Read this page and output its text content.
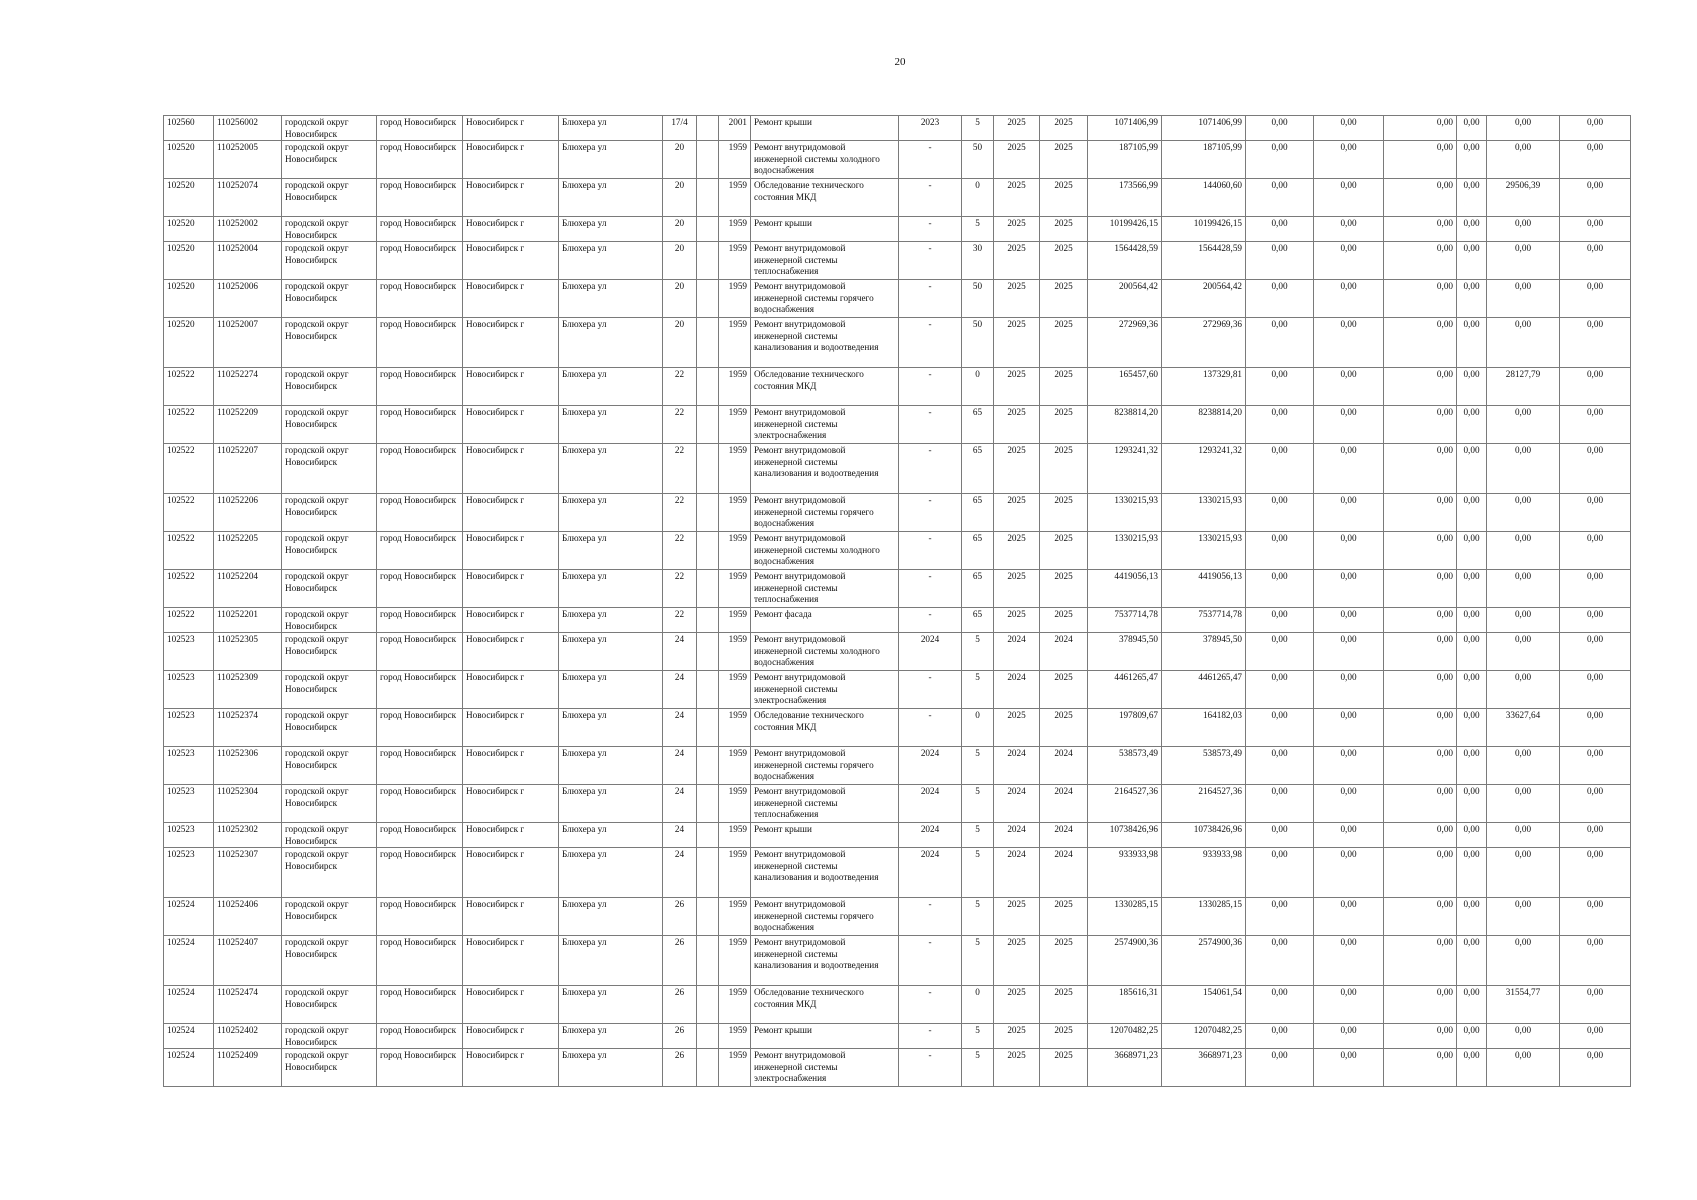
20
102560	110256002	городской округ Новосибирск	город Новосибирск	Новосибирск г	Блюхера ул	17/4		2001	Ремонт крыши	2023	5	2025	2025	1071406,99	1071406,99	0,00	0,00	0,00	0,00	0,00	0,00
102520	110252005	городской округ Новосибирск	город Новосибирск	Новосибирск г	Блюхера ул	20		1959	Ремонт внутридомовой инженерной системы холодного водоснабжения	-	50	2025	2025	187105,99	187105,99	0,00	0,00	0,00	0,00	0,00	0,00
102520	110252074	городской округ Новосибирск	город Новосибирск	Новосибирск г	Блюхера ул	20		1959	Обследование технического состояния МКД	-	0	2025	2025	173566,99	144060,60	0,00	0,00	0,00	0,00	29506,39	0,00
102520	110252002	городской округ Новосибирск	город Новосибирск	Новосибирск г	Блюхера ул	20		1959	Ремонт крыши	-	5	2025	2025	10199426,15	10199426,15	0,00	0,00	0,00	0,00	0,00	0,00
102520	110252004	городской округ Новосибирск	город Новосибирск	Новосибирск г	Блюхера ул	20		1959	Ремонт внутридомовой инженерной системы теплоснабжения	-	30	2025	2025	1564428,59	1564428,59	0,00	0,00	0,00	0,00	0,00	0,00
102520	110252006	городской округ Новосибирск	город Новосибирск	Новосибирск г	Блюхера ул	20		1959	Ремонт внутридомовой инженерной системы горячего водоснабжения	-	50	2025	2025	200564,42	200564,42	0,00	0,00	0,00	0,00	0,00	0,00
102520	110252007	городской округ Новосибирск	город Новосибирск	Новосибирск г	Блюхера ул	20		1959	Ремонт внутридомовой инженерной системы канализования и водоотведения	-	50	2025	2025	272969,36	272969,36	0,00	0,00	0,00	0,00	0,00	0,00
102522	110252274	городской округ Новосибирск	город Новосибирск	Новосибирск г	Блюхера ул	22		1959	Обследование технического состояния МКД	-	0	2025	2025	165457,60	137329,81	0,00	0,00	0,00	0,00	28127,79	0,00
102522	110252209	городской округ Новосибирск	город Новосибирск	Новосибирск г	Блюхера ул	22		1959	Ремонт внутридомовой инженерной системы электроснабжения	-	65	2025	2025	8238814,20	8238814,20	0,00	0,00	0,00	0,00	0,00	0,00
102522	110252207	городской округ Новосибирск	город Новосибирск	Новосибирск г	Блюхера ул	22		1959	Ремонт внутридомовой инженерной системы канализования и водоотведения	-	65	2025	2025	1293241,32	1293241,32	0,00	0,00	0,00	0,00	0,00	0,00
102522	110252206	городской округ Новосибирск	город Новосибирск	Новосибирск г	Блюхера ул	22		1959	Ремонт внутридомовой инженерной системы горячего водоснабжения	-	65	2025	2025	1330215,93	1330215,93	0,00	0,00	0,00	0,00	0,00	0,00
102522	110252205	городской округ Новосибирск	город Новосибирск	Новосибирск г	Блюхера ул	22		1959	Ремонт внутридомовой инженерной системы холодного водоснабжения	-	65	2025	2025	1330215,93	1330215,93	0,00	0,00	0,00	0,00	0,00	0,00
102522	110252204	городской округ Новосибирск	город Новосибирск	Новосибирск г	Блюхера ул	22		1959	Ремонт внутридомовой инженерной системы теплоснабжения	-	65	2025	2025	4419056,13	4419056,13	0,00	0,00	0,00	0,00	0,00	0,00
102522	110252201	городской округ Новосибирск	город Новосибирск	Новосибирск г	Блюхера ул	22		1959	Ремонт фасада	-	65	2025	2025	7537714,78	7537714,78	0,00	0,00	0,00	0,00	0,00	0,00
102523	110252305	городской округ Новосибирск	город Новосибирск	Новосибирск г	Блюхера ул	24		1959	Ремонт внутридомовой инженерной системы холодного водоснабжения	2024	5	2024	2024	378945,50	378945,50	0,00	0,00	0,00	0,00	0,00	0,00
102523	110252309	городской округ Новосибирск	город Новосибирск	Новосибирск г	Блюхера ул	24		1959	Ремонт внутридомовой инженерной системы электроснабжения	-	5	2024	2025	4461265,47	4461265,47	0,00	0,00	0,00	0,00	0,00	0,00
102523	110252374	городской округ Новосибирск	город Новосибирск	Новосибирск г	Блюхера ул	24		1959	Обследование технического состояния МКД	-	0	2025	2025	197809,67	164182,03	0,00	0,00	0,00	0,00	33627,64	0,00
102523	110252306	городской округ Новосибирск	город Новосибирск	Новосибирск г	Блюхера ул	24		1959	Ремонт внутридомовой инженерной системы горячего водоснабжения	2024	5	2024	2024	538573,49	538573,49	0,00	0,00	0,00	0,00	0,00	0,00
102523	110252304	городской округ Новосибирск	город Новосибирск	Новосибирск г	Блюхера ул	24		1959	Ремонт внутридомовой инженерной системы теплоснабжения	2024	5	2024	2024	2164527,36	2164527,36	0,00	0,00	0,00	0,00	0,00	0,00
102523	110252302	городской округ Новосибирск	город Новосибирск	Новосибирск г	Блюхера ул	24		1959	Ремонт крыши	2024	5	2024	2024	10738426,96	10738426,96	0,00	0,00	0,00	0,00	0,00	0,00
102523	110252307	городской округ Новосибирск	город Новосибирск	Новосибирск г	Блюхера ул	24		1959	Ремонт внутридомовой инженерной системы канализования и водоотведения	2024	5	2024	2024	933933,98	933933,98	0,00	0,00	0,00	0,00	0,00	0,00
102524	110252406	городской округ Новосибирск	город Новосибирск	Новосибирск г	Блюхера ул	26		1959	Ремонт внутридомовой инженерной системы горячего водоснабжения	-	5	2025	2025	1330285,15	1330285,15	0,00	0,00	0,00	0,00	0,00	0,00
102524	110252407	городской округ Новосибирск	город Новосибирск	Новосибирск г	Блюхера ул	26		1959	Ремонт внутридомовой инженерной системы канализования и водоотведения	-	5	2025	2025	2574900,36	2574900,36	0,00	0,00	0,00	0,00	0,00	0,00
102524	110252474	городской округ Новосибирск	город Новосибирск	Новосибирск г	Блюхера ул	26		1959	Обследование технического состояния МКД	-	0	2025	2025	185616,31	154061,54	0,00	0,00	0,00	0,00	31554,77	0,00
102524	110252402	городской округ Новосибирск	город Новосибирск	Новосибирск г	Блюхера ул	26		1959	Ремонт крыши	-	5	2025	2025	12070482,25	12070482,25	0,00	0,00	0,00	0,00	0,00	0,00
102524	110252409	городской округ Новосибирск	город Новосибирск	Новосибирск г	Блюхера ул	26		1959	Ремонт внутридомовой инженерной системы электроснабжения	-	5	2025	2025	3668971,23	3668971,23	0,00	0,00	0,00	0,00	0,00	0,00
